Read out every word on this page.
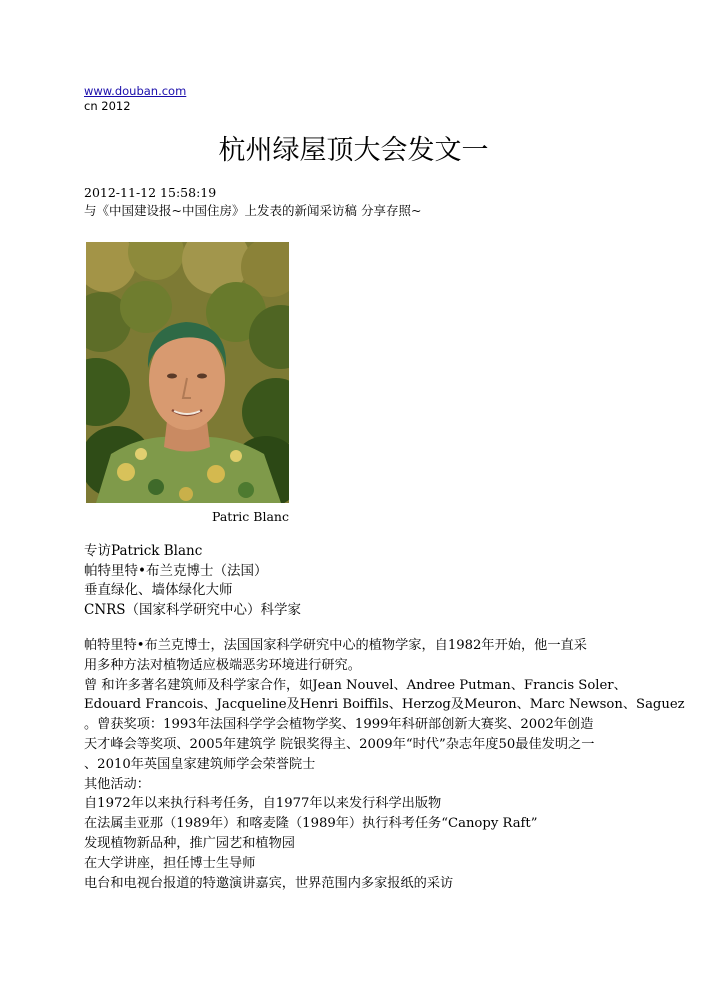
www.douban.com
cn 2012
杭州绿屋顶大会发文一
2012-11-12 15:58:19
与《中国建设报~中国住房》上发表的新闻采访稿 分享存照~
Patric Blanc
专访Patrick Blanc
帕特里特•布兰克博士（法国）
垂直绿化、墙体绿化大师
CNRS（国家科学研究中心）科学家
帕特里特•布兰克博士，法国国家科学研究中心的植物学家，自1982年开始，他一直采
用多种方法对植物适应极端恶劣环境进行研究。
曾 和许多著名建筑师及科学家合作，如Jean Nouvel、Andree Putman、Francis Soler、
Edouard Francois、Jacqueline及Henri Boiffils、Herzog及Meuron、Marc Newson、Saguez
。曾获奖项：1993年法国科学学会植物学奖、1999年科研部创新大赛奖、2002年创造
天才峰会等奖项、2005年建筑学 院银奖得主、2009年“时代”杂志年度50最佳发明之一
、2010年英国皇家建筑师学会荣誉院士
其他活动：
自1972年以来执行科考任务，自1977年以来发行科学出版物
在法属圭亚那（1989年）和喀麦隆（1989年）执行科考任务“Canopy Raft”
发现植物新品种，推广园艺和植物园
在大学讲座，担任博士生导师
电台和电视台报道的特邀演讲嘉宾，世界范围内多家报纸的采访
